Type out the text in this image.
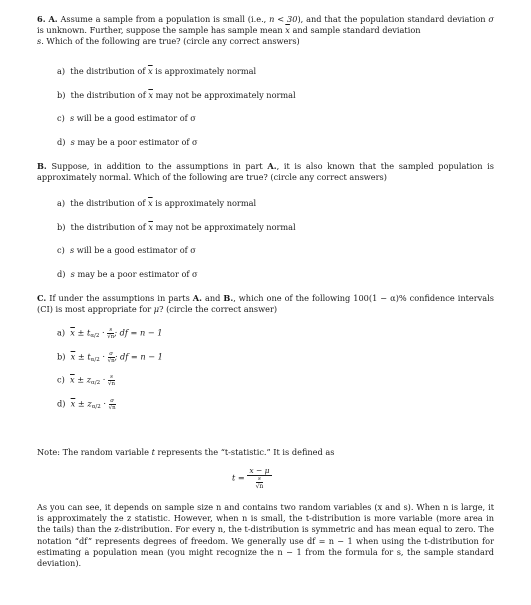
6. A. Assume a sample from a population is small (i.e., n < 30), and that the population standard deviation σ is unknown. Further, suppose the sample has sample mean $\overline{x}$ and sample standard deviation
s. Which of the following are true? (circle any correct answers)

a) the distribution of $\overline{x}$ is approximately normal
b) the distribution of $\overline{x}$ may not be approximately normal
c) s will be a good estimator of σ
d) s may be a poor estimator of σ

B. Suppose, in addition to the assumptions in part A., it is also known that the sampled population is approximately normal. Which of the following are true? (circle any correct answers)

a) the distribution of $\overline{x}$ is approximately normal
b) the distribution of $\overline{x}$ may not be approximately normal
c) s will be a good estimator of σ
d) s may be a poor estimator of σ

C. If under the assumptions in parts A. and B., which one of the following 100(1 − α)% confidence intervals (CI) is most appropriate for μ? (circle the correct answer)

a) $\overline{x} \pm t_{\alpha/2} \cdot \frac{s}{√n}$ ; df = n − 1
b) $\overline{x} \pm t_{\alpha/2} \cdot \frac{\sigma}{√n}$ ; df = n − 1
c) $\overline{x} \pm z_{\alpha/2} \cdot \frac{s}{√n}$
d) $\overline{x} \pm z_{\alpha/2} \cdot \frac{\sigma}{√n}$

Note: The random variable t represents the “t-statistic.” It is defined as

$t = \frac{x - \mu}{\frac{s}{√n}}$

As you can see, it depends on sample size n and contains two random variables (x and s). When n is large, it is approximately the z statistic. However, when n is small, the t-distribution is more variable (more area in the tails) than the z-distribution. For every n, the t-distribution is symmetric and has mean equal to zero. The notation “df” represents degrees of freedom. We generally use df = n − 1 when using the t-distribution for estimating a population mean (you might recognize the n − 1 from the formula for s, the sample standard deviation).
